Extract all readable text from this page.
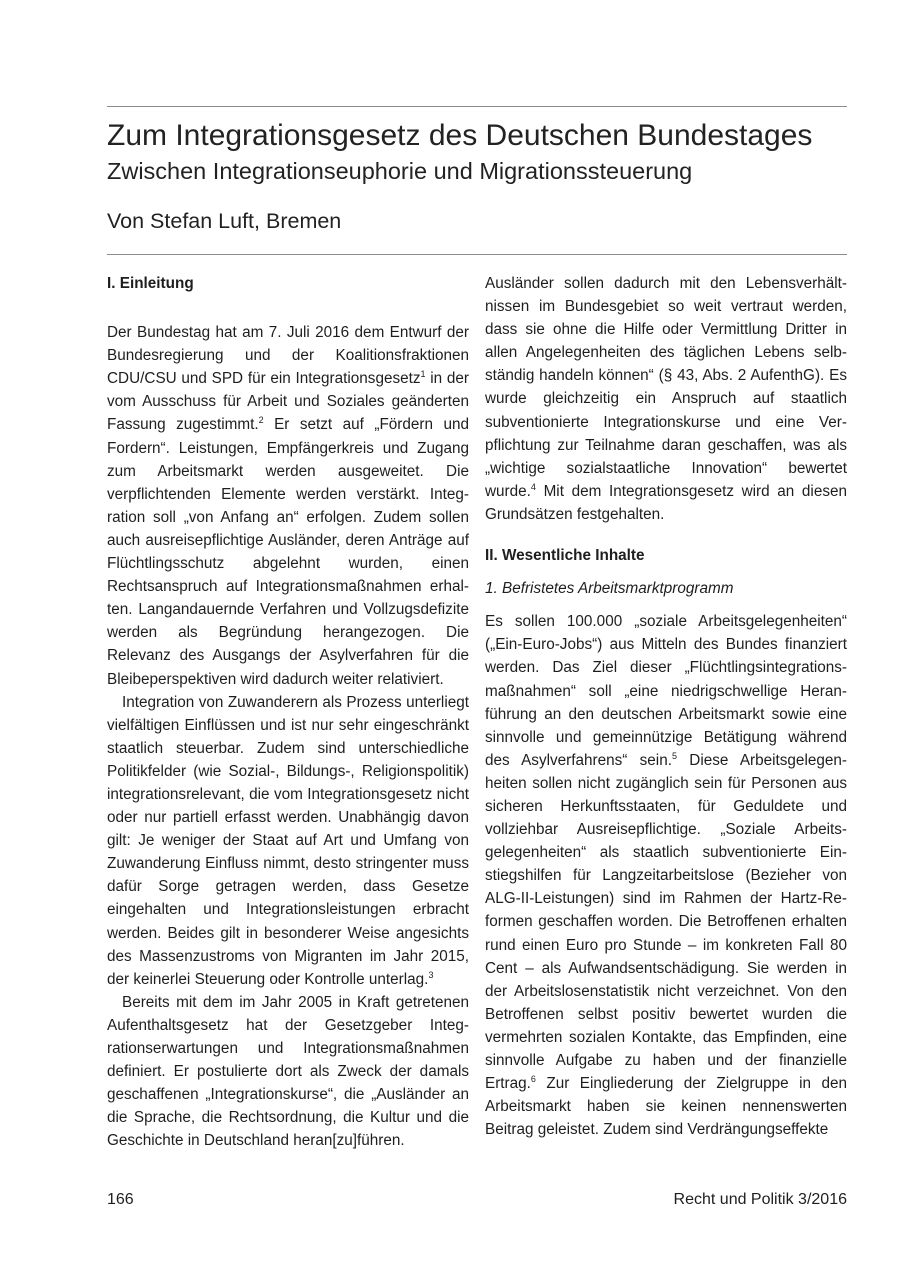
Zum Integrationsgesetz des Deutschen Bundestages
Zwischen Integrationseuphorie und Migrationssteuerung
Von Stefan Luft, Bremen
I. Einleitung

Der Bundestag hat am 7. Juli 2016 dem Entwurf der Bundesregierung und der Koalitionsfraktionen CDU/CSU und SPD für ein Integrationsgesetz$^1$ in der vom Ausschuss für Arbeit und Soziales geänderten Fassung zugestimmt.$^2$ Er setzt auf „Fördern und Fordern“. Leistungen, Empfängerkreis und Zugang zum Arbeitsmarkt werden ausgeweitet. Die verpflichtenden Elemente werden verstärkt. Integration soll „von Anfang an“ erfolgen. Zudem sollen auch ausreisepflichtige Ausländer, deren Anträge auf Flüchtlingsschutz abgelehnt wurden, einen Rechtsanspruch auf Integrationsmaßnahmen erhalten. Langandauernde Verfahren und Vollzugsdefizite werden als Begründung herangezogen. Die Relevanz des Ausgangs der Asylverfahren für die Bleibeperspektiven wird dadurch weiter relativiert.

Integration von Zuwanderern als Prozess unterliegt vielfältigen Einflüssen und ist nur sehr eingeschränkt staatlich steuerbar. Zudem sind unterschiedliche Politikfelder (wie Sozial-, Bildungs-, Religionspolitik) integrationsrelevant, die vom Integrationsgesetz nicht oder nur partiell erfasst werden. Unabhängig davon gilt: Je weniger der Staat auf Art und Umfang von Zuwanderung Einfluss nimmt, desto stringenter muss dafür Sorge getragen werden, dass Gesetze eingehalten und Integrationsleistungen erbracht werden. Beides gilt in besonderer Weise angesichts des Massenzustroms von Migranten im Jahr 2015, der keinerlei Steuerung oder Kontrolle unterlag.$^3$

Bereits mit dem im Jahr 2005 in Kraft getretenen Aufenthaltsgesetz hat der Gesetzgeber Integrationserwartungen und Integrationsmaßnahmen definiert. Er postulierte dort als Zweck der damals geschaffenen „Integrationskurse“, die „Ausländer an die Sprache, die Rechtsordnung, die Kultur und die Geschichte in Deutschland heran[zu]führen.

Ausländer sollen dadurch mit den Lebensverhältnissen im Bundesgebiet so weit vertraut werden, dass sie ohne die Hilfe oder Vermittlung Dritter in allen Angelegenheiten des täglichen Lebens selbständig handeln können“ (§ 43, Abs. 2 AufenthG). Es wurde gleichzeitig ein Anspruch auf staatlich subventionierte Integrationskurse und eine Verpflichtung zur Teilnahme daran geschaffen, was als „wichtige sozialstaatliche Innovation“ bewertet wurde.$^4$ Mit dem Integrationsgesetz wird an diesen Grundsätzen festgehalten.

II. Wesentliche Inhalte
1. Befristetes Arbeitsmarktprogramm

Es sollen 100.000 „soziale Arbeitsgelegenheiten“ („Ein-Euro-Jobs“) aus Mitteln des Bundes finanziert werden. Das Ziel dieser „Flüchtlingsintegrationsmaßnahmen“ soll „eine niedrigschwellige Heranführung an den deutschen Arbeitsmarkt sowie eine sinnvolle und gemeinnützige Betätigung während des Asylverfahrens“ sein.$^5$ Diese Arbeitsgelegenheiten sollen nicht zugänglich sein für Personen aus sicheren Herkunftsstaaten, für Geduldete und vollziehbar Ausreisepflichtige. „Soziale Arbeitsgelegenheiten“ als staatlich subventionierte Einstiegshilfen für Langzeitarbeitslose (Bezieher von ALG-II-Leistungen) sind im Rahmen der Hartz-Reformen geschaffen worden. Die Betroffenen erhalten rund einen Euro pro Stunde – im konkreten Fall 80 Cent – als Aufwandsentschädigung. Sie werden in der Arbeitslosenstatistik nicht verzeichnet. Von den Betroffenen selbst positiv bewertet wurden die vermehrten sozialen Kontakte, das Empfinden, eine sinnvolle Aufgabe zu haben und der finanzielle Ertrag.$^6$ Zur Eingliederung der Zielgruppe in den Arbeitsmarkt haben sie keinen nennenswerten Beitrag geleistet. Zudem sind Verdrängungseffekte

166	Recht und Politik 3/2016
